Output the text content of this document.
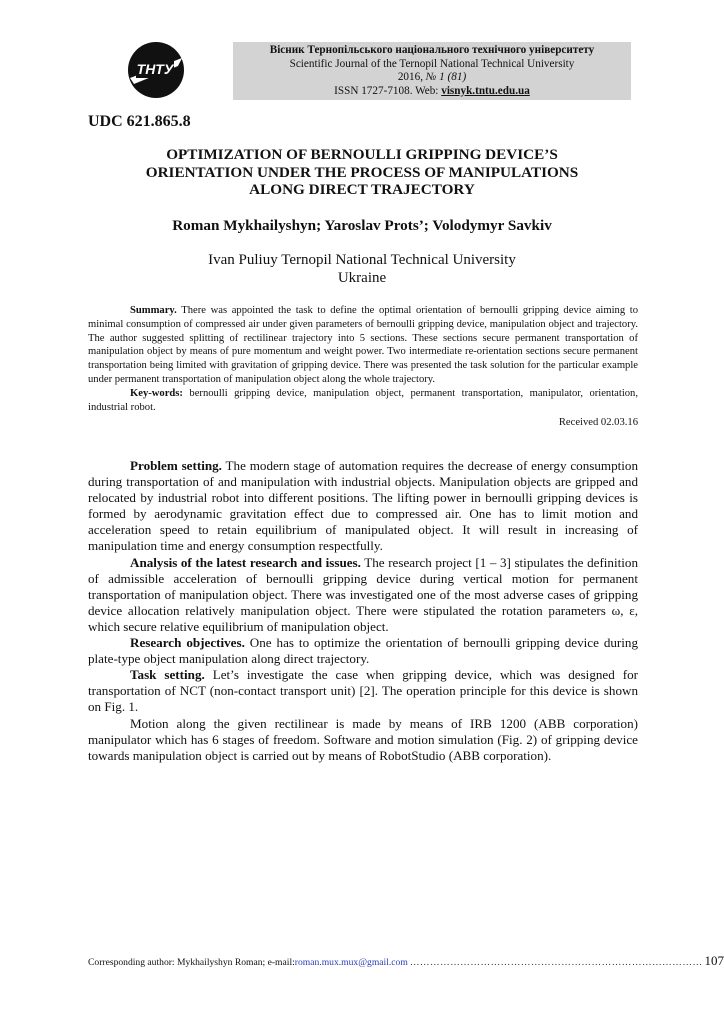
ТНТУ
Вісник Тернопільського національного технічного університету
Scientific Journal of the Ternopil National Technical University
2016, № 1 (81)
ISSN 1727-7108. Web: visnyk.tntu.edu.ua
UDC 621.865.8
OPTIMIZATION OF BERNOULLI GRIPPING DEVICE’S
ORIENTATION UNDER THE PROCESS OF MANIPULATIONS
ALONG DIRECT TRAJECTORY
Roman Mykhailyshyn; Yaroslav Prots’; Volodymyr Savkiv
Ivan Puliuy Ternopil National Technical University
Ukraine

Summary. There was appointed the task to define the optimal orientation of bernoulli gripping device aiming to minimal consumption of compressed air under given parameters of bernoulli gripping device, manipulation object and trajectory. The author suggested splitting of rectilinear trajectory into 5 sections. These sections secure permanent transportation of manipulation object by means of pure momentum and weight power. Two intermediate re-orientation sections secure permanent transportation being limited with gravitation of gripping device. There was presented the task solution for the particular example under permanent transportation of manipulation object along the whole trajectory.

Key-words: bernoulli gripping device, manipulation object, permanent transportation, manipulator, orientation, industrial robot.

Received 02.03.16

Problem setting. The modern stage of automation requires the decrease of energy consumption during transportation of and manipulation with industrial objects. Manipulation objects are gripped and relocated by industrial robot into different positions. The lifting power in bernoulli gripping devices is formed by aerodynamic gravitation effect due to compressed air. One has to limit motion and acceleration speed to retain equilibrium of manipulated object. It will result in increasing of manipulation time and energy consumption respectfully.

Analysis of the latest research and issues. The research project [1 – 3] stipulates the definition of admissible acceleration of bernoulli gripping device during vertical motion for permanent transportation of manipulation object. There was investigated one of the most adverse cases of gripping device allocation relatively manipulation object. There were stipulated the rotation parameters ω, ε, which secure relative equilibrium of manipulation object.

Research objectives. One has to optimize the orientation of bernoulli gripping device during plate-type object manipulation along direct trajectory.

Task setting. Let’s investigate the case when gripping device, which was designed for transportation of NCT (non-contact transport unit) [2]. The operation principle for this device is shown on Fig. 1.

Motion along the given rectilinear is made by means of IRB 1200 (ABB corporation) manipulator which has 6 stages of freedom. Software and motion simulation (Fig. 2) of gripping device towards manipulation object is carried out by means of RobotStudio (ABB corporation).

Corresponding author: Mykhailyshyn Roman; e-mail: roman.mux.mux@gmail.com …………………………………………………………………………… 107
